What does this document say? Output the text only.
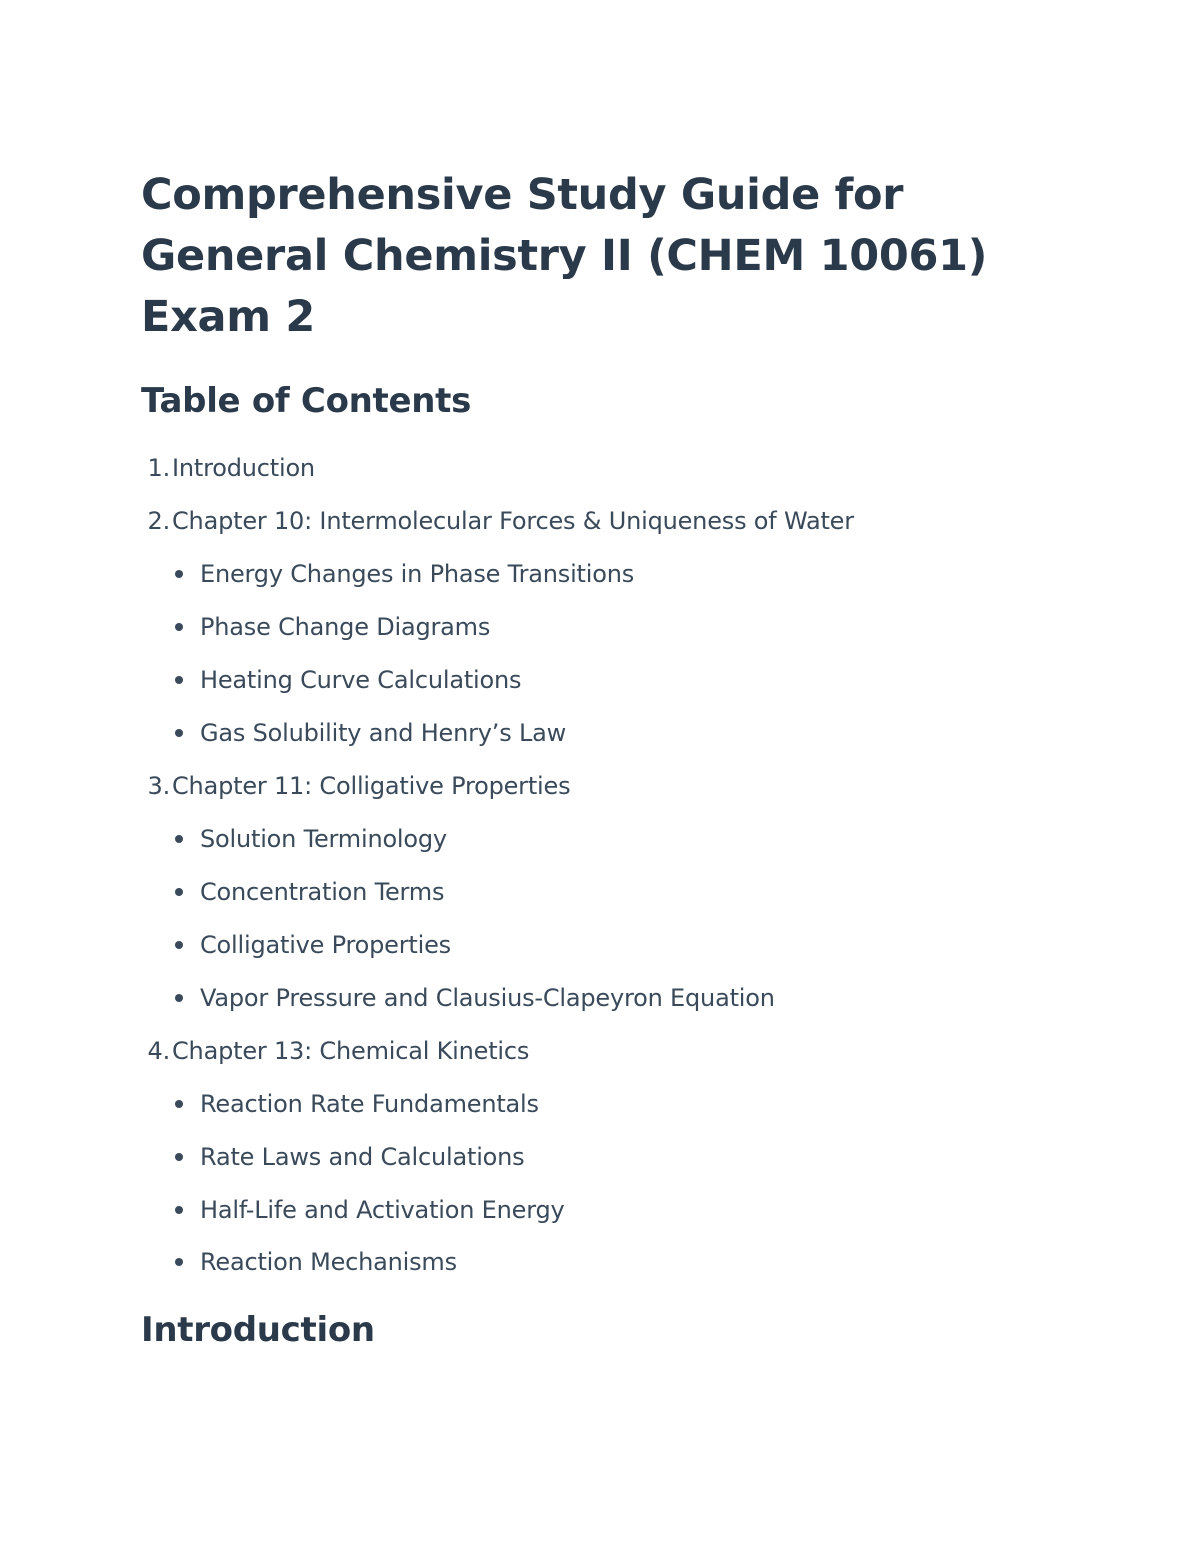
Comprehensive Study Guide for
General Chemistry II (CHEM 10061)
Exam 2
Table of Contents
1.Introduction
2.Chapter 10: Intermolecular Forces & Uniqueness of Water
Energy Changes in Phase Transitions
Phase Change Diagrams
Heating Curve Calculations
Gas Solubility and Henry’s Law
3.Chapter 11: Colligative Properties
Solution Terminology
Concentration Terms
Colligative Properties
Vapor Pressure and Clausius-Clapeyron Equation
4.Chapter 13: Chemical Kinetics
Reaction Rate Fundamentals
Rate Laws and Calculations
Half-Life and Activation Energy
Reaction Mechanisms
Introduction
